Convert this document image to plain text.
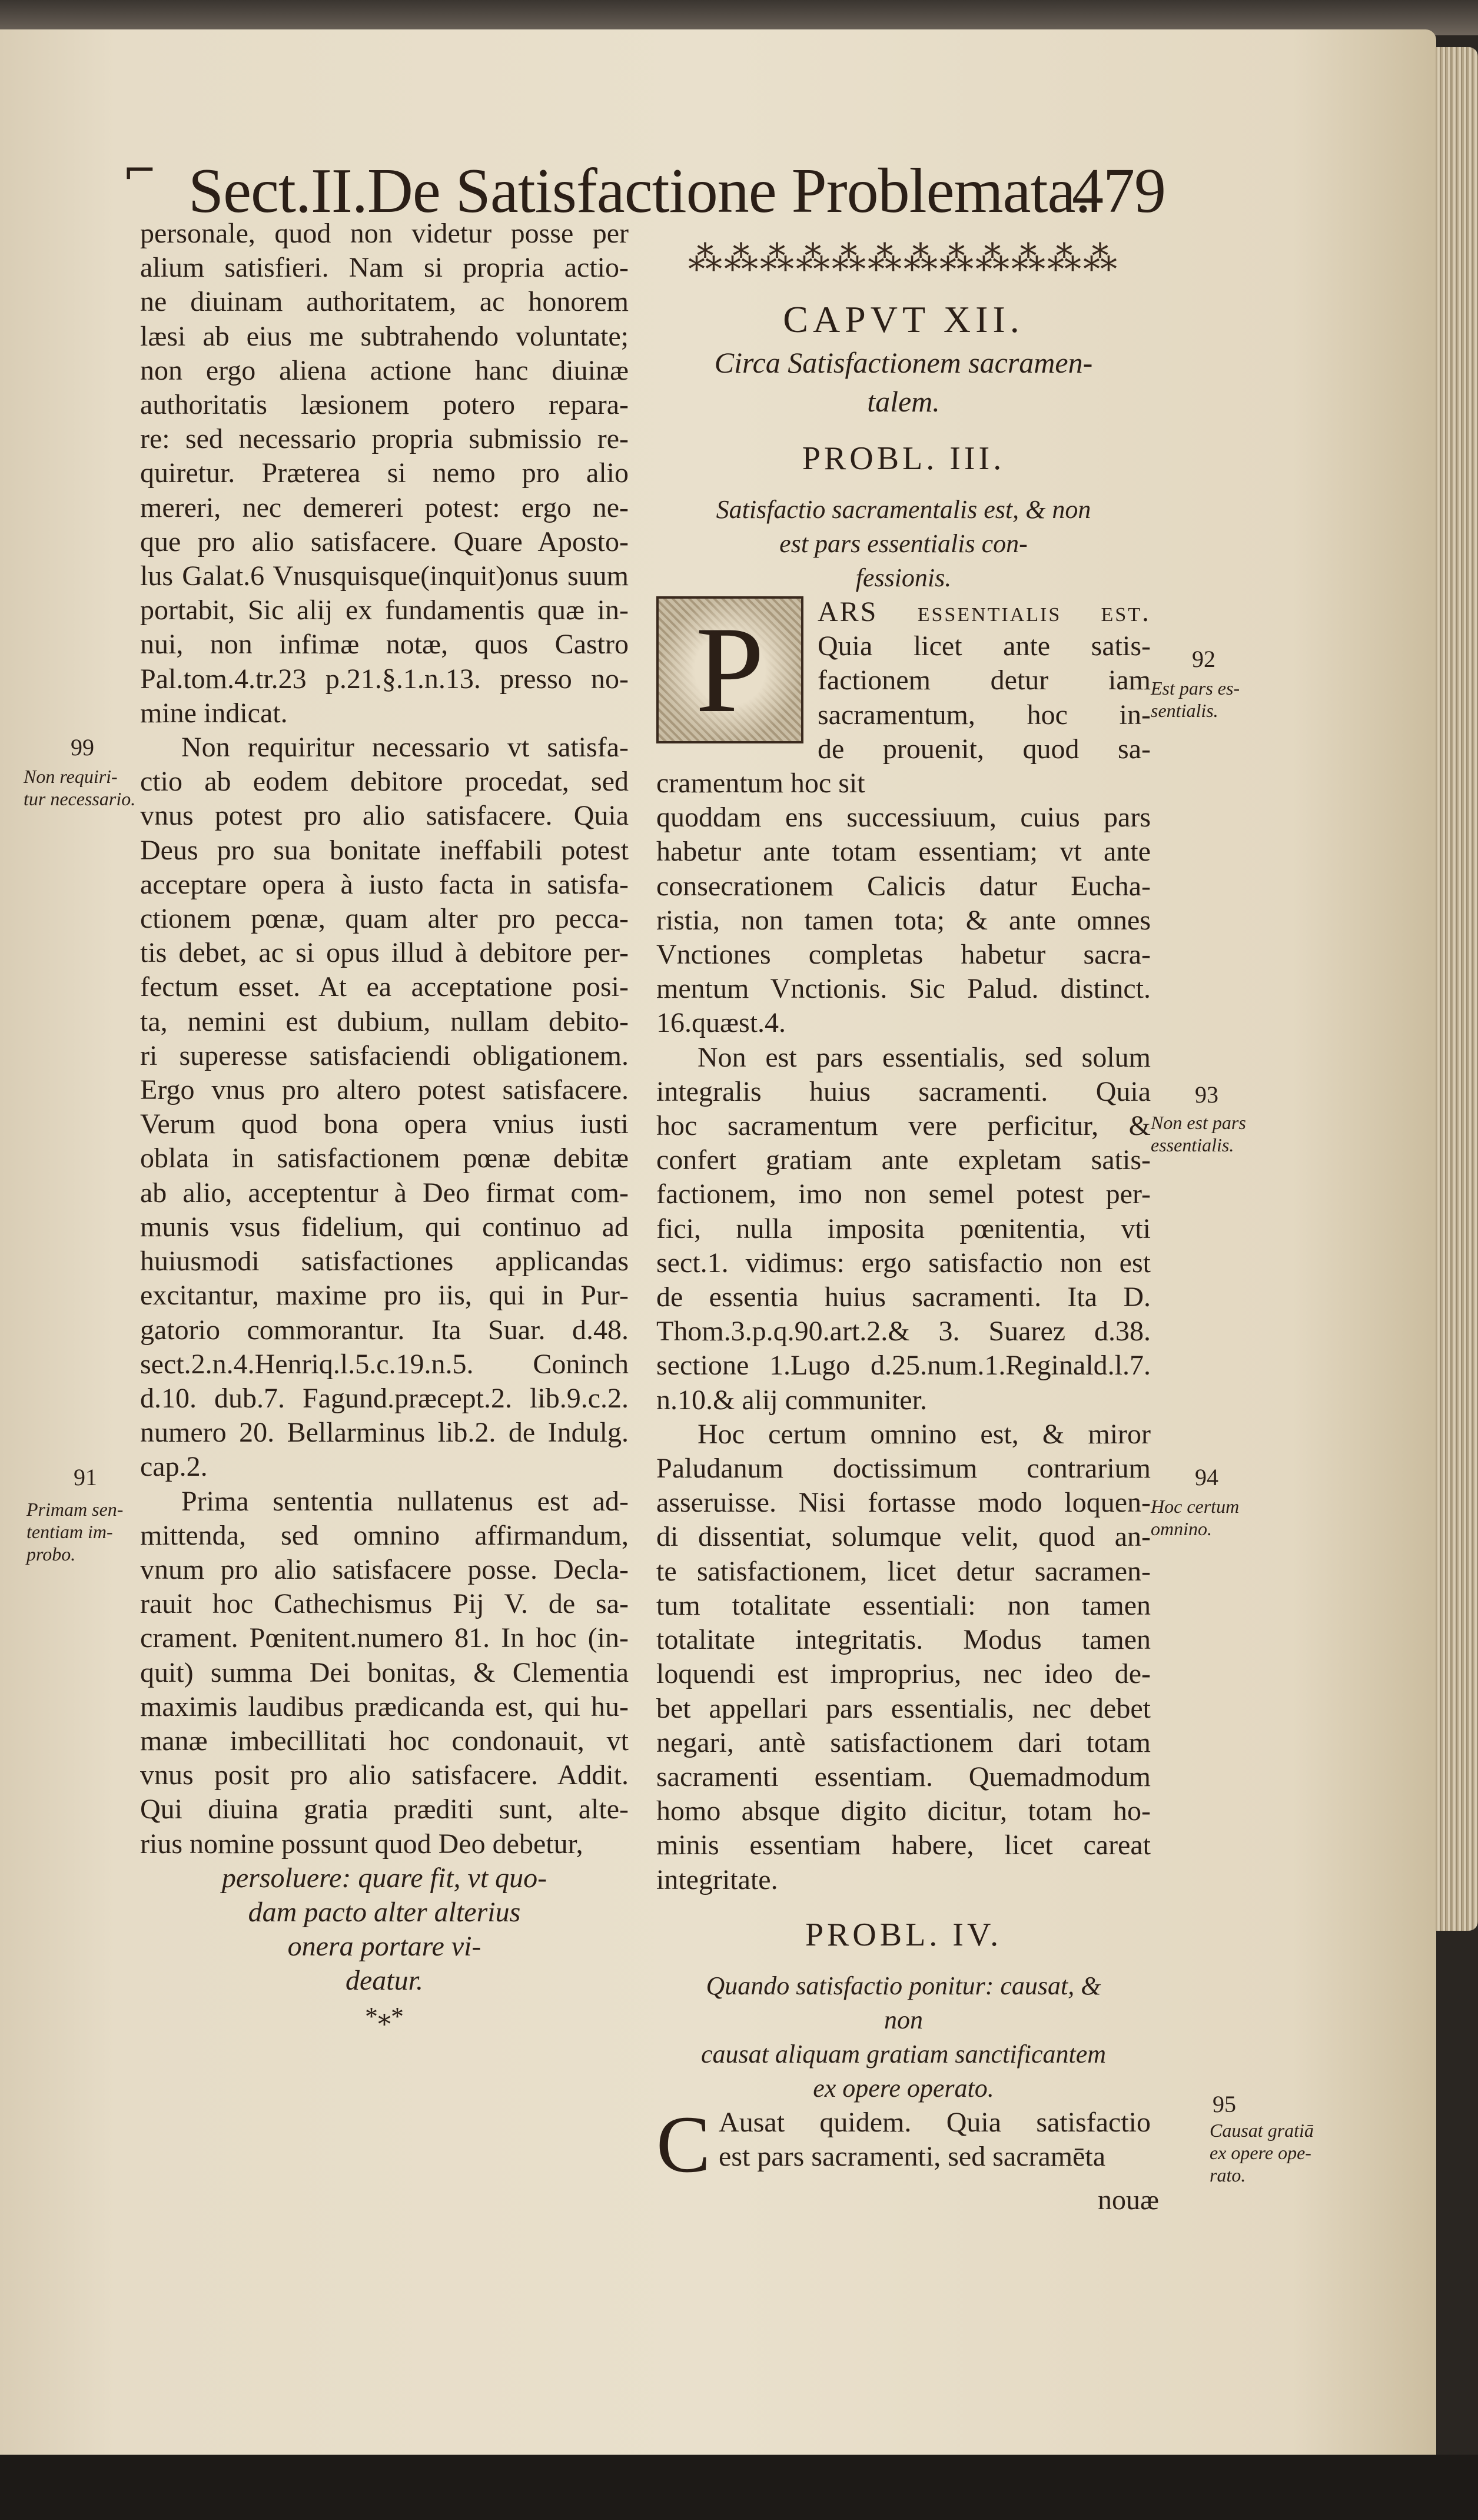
⌐ Sect.II.De Satisfactione Problemata.
479

personale, quod non videtur posse per

alium satisfieri. Nam si propria actio-

ne diuinam authoritatem, ac honorem

læsi ab eius me subtrahendo voluntate;

non ergo aliena actione hanc diuinæ

authoritatis læsionem potero repara-

re: sed necessario propria submissio re-

quiretur. Præterea si nemo pro alio

mereri, nec demereri potest: ergo ne-

que pro alio satisfacere. Quare Aposto-

lus Galat.6 Vnusquisque(inquit)onus suum

portabit, Sic alij ex fundamentis quæ in-

nui, non infimæ notæ, quos Castro

Pal.tom.4.tr.23 p.21.§.1.n.13. presso no-

mine indicat.

Non requiritur necessario vt satisfa-

ctio ab eodem debitore procedat, sed

vnus potest pro alio satisfacere. Quia

Deus pro sua bonitate ineffabili potest

acceptare opera à iusto facta in satisfa-

ctionem pœnæ, quam alter pro pecca-

tis debet, ac si opus illud à debitore per-

fectum esset. At ea acceptatione posi-

ta, nemini est dubium, nullam debito-

ri superesse satisfaciendi obligationem.

Ergo vnus pro altero potest satisfacere.

Verum quod bona opera vnius iusti

oblata in satisfactionem pœnæ debitæ

ab alio, acceptentur à Deo firmat com-

munis vsus fidelium, qui continuo ad

huiusmodi satisfactiones applicandas

excitantur, maxime pro iis, qui in Pur-

gatorio commorantur. Ita Suar. d.48.

sect.2.n.4.Henriq.l.5.c.19.n.5. Coninch

d.10. dub.7. Fagund.præcept.2. lib.9.c.2.

numero 20. Bellarminus lib.2. de Indulg.

cap.2.

Prima sententia nullatenus est ad-

mittenda, sed omnino affirmandum,

vnum pro alio satisfacere posse. Decla-

rauit hoc Cathechismus Pij V. de sa-

crament. Pœnitent.numero 81. In hoc (in-

quit) summa Dei bonitas, & Clementia

maximis laudibus prædicanda est, qui hu-

manæ imbecillitati hoc condonauit, vt

vnus posit pro alio satisfacere. Addit.

Qui diuina gratia præditi sunt, alte-

rius nomine possunt quod Deo debetur,

persoluere: quare fit, vt quo-

dam pacto alter alterius

onera portare vi-

deatur.

*⁎*
99
Non requiri-
tur necessario.
91
Primam sen-
tentiam im-
probo.
⁂⁂⁂⁂⁂⁂⁂⁂⁂⁂⁂⁂
CAPVT XII.

Circa Satisfactionem sacramen-

talem.

PROBL. III.

Satisfactio sacramentalis est, & non

est pars essentialis con-

fessionis.

P	ARS essentialis est.

Quia licet ante satis-

factionem detur iam

sacramentum, hoc in-

de prouenit, quod sa-

cramentum hoc sit

quoddam ens successiuum, cuius pars

habetur ante totam essentiam; vt ante

consecrationem Calicis datur Eucha-

ristia, non tamen tota; & ante omnes

Vnctiones completas habetur sacra-

mentum Vnctionis. Sic Palud. distinct.

16.quæst.4.

Non est pars essentialis, sed solum

integralis huius sacramenti. Quia

hoc sacramentum vere perficitur, &

confert gratiam ante expletam satis-

factionem, imo non semel potest per-

fici, nulla imposita pœnitentia, vti

sect.1. vidimus: ergo satisfactio non est

de essentia huius sacramenti. Ita D.

Thom.3.p.q.90.art.2.& 3. Suarez d.38.

sectione 1.Lugo d.25.num.1.Reginald.l.7.

n.10.& alij communiter.

Hoc certum omnino est, & miror

Paludanum doctissimum contrarium

asseruisse. Nisi fortasse modo loquen-

di dissentiat, solumque velit, quod an-

te satisfactionem, licet detur sacramen-

tum totalitate essentiali: non tamen

totalitate integritatis. Modus tamen

loquendi est improprius, nec ideo de-

bet appellari pars essentialis, nec debet

negari, antè satisfactionem dari totam

sacramenti essentiam. Quemadmodum

homo absque digito dicitur, totam ho-

minis essentiam habere, licet careat

integritate.

PROBL. IV.

Quando satisfactio ponitur: causat, & non

causat aliquam gratiam sanctificantem

ex opere operato.

C Ausat quidem. Quia satisfactio

est pars sacramenti, sed sacramēta

nouæ
92
Est pars es-
sentialis.
93
Non est pars
essentialis.
94
Hoc certum
omnino.
95
Causat gratiā
ex opere ope-
rato.
